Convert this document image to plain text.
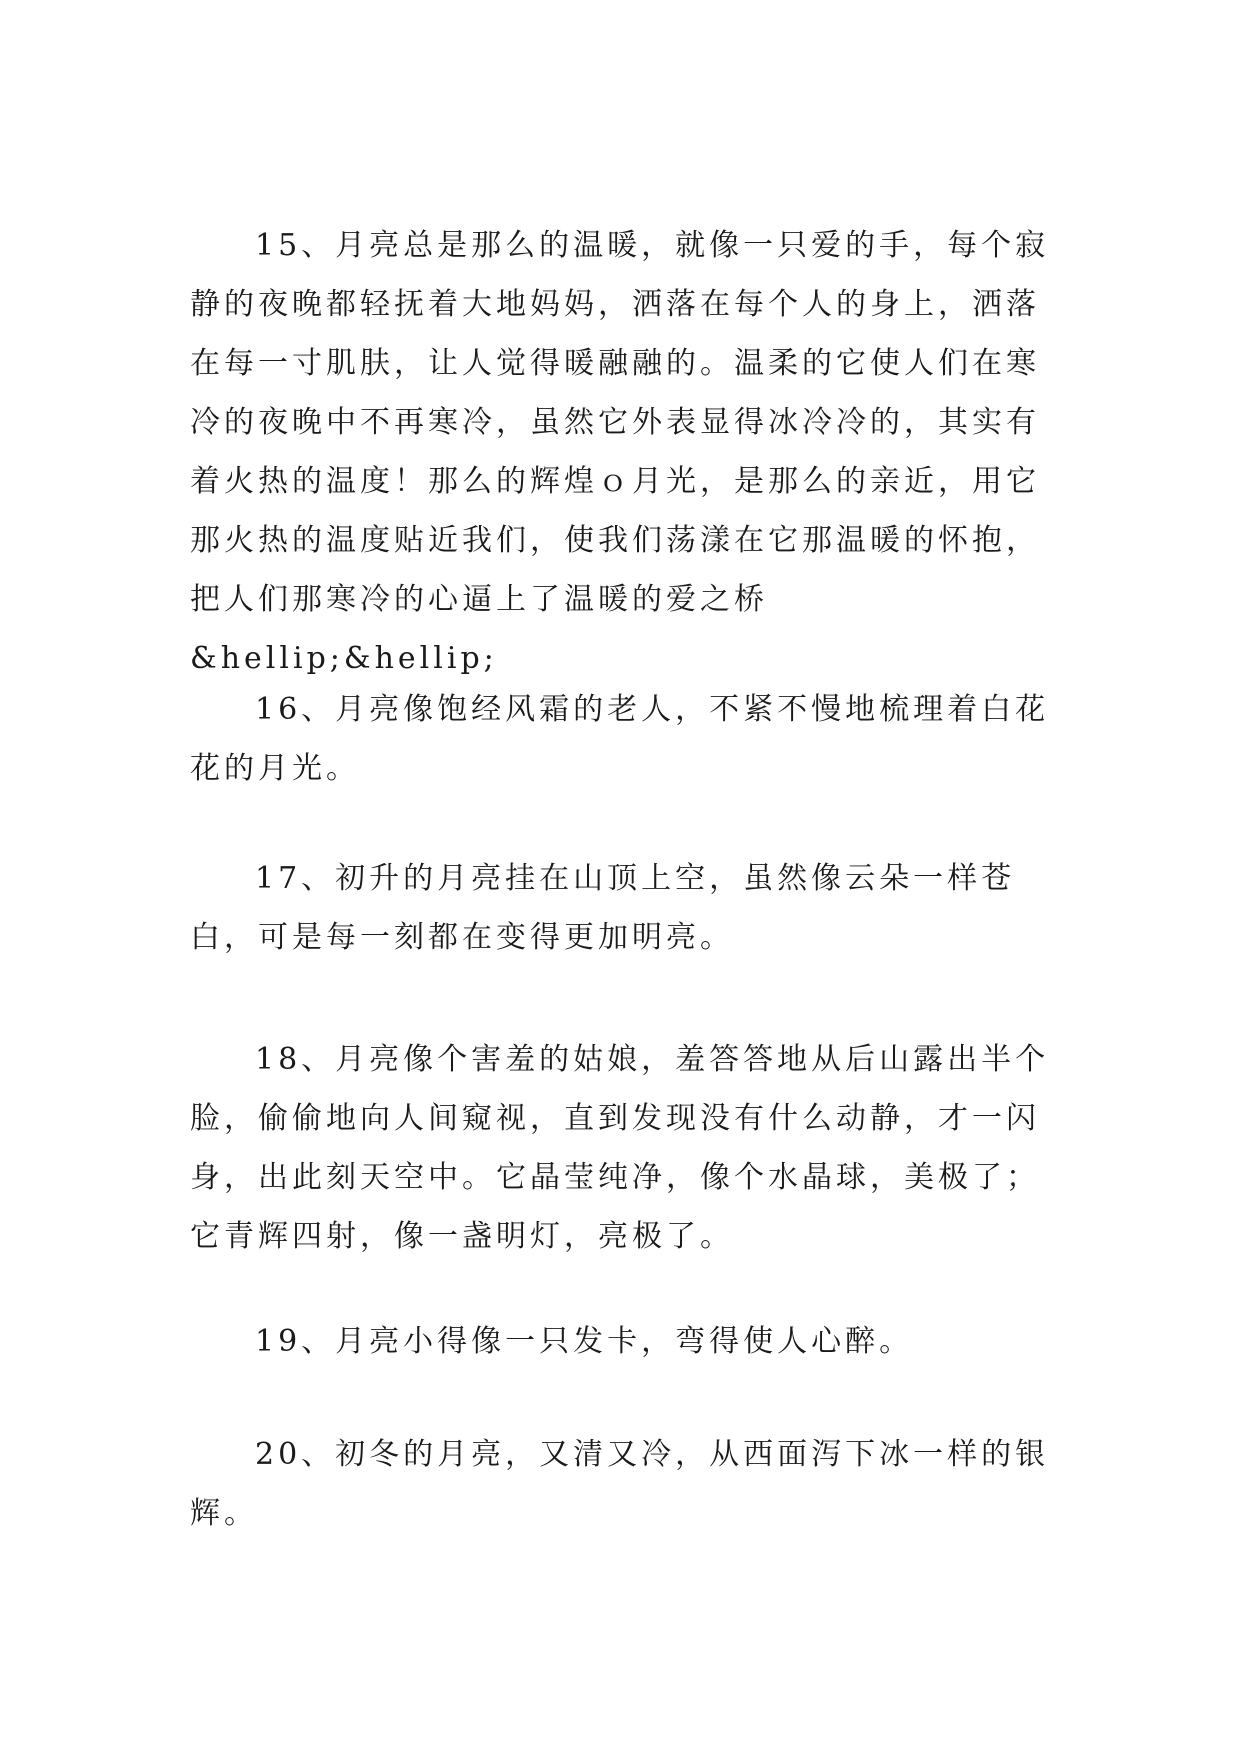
15、月亮总是那么的温暖，就像一只爱的手，每个寂静的夜晚都轻抚着大地妈妈，洒落在每个人的身上，洒落在每一寸肌肤，让人觉得暖融融的。温柔的它使人们在寒冷的夜晚中不再寒冷，虽然它外表显得冰冷冷的，其实有着火热的温度！那么的辉煌ｏ月光，是那么的亲近，用它那火热的温度贴近我们，使我们荡漾在它那温暖的怀抱，把人们那寒冷的心逼上了温暖的爱之桥&hellip;&hellip;

16、月亮像饱经风霜的老人，不紧不慢地梳理着白花花的月光。

17、初升的月亮挂在山顶上空，虽然像云朵一样苍白，可是每一刻都在变得更加明亮。

18、月亮像个害羞的姑娘，羞答答地从后山露出半个脸，偷偷地向人间窥视，直到发现没有什么动静，才一闪身，出此刻天空中。它晶莹纯净，像个水晶球，美极了；它青辉四射，像一盏明灯，亮极了。

19、月亮小得像一只发卡，弯得使人心醉。

20、初冬的月亮，又清又冷，从西面泻下冰一样的银辉。
